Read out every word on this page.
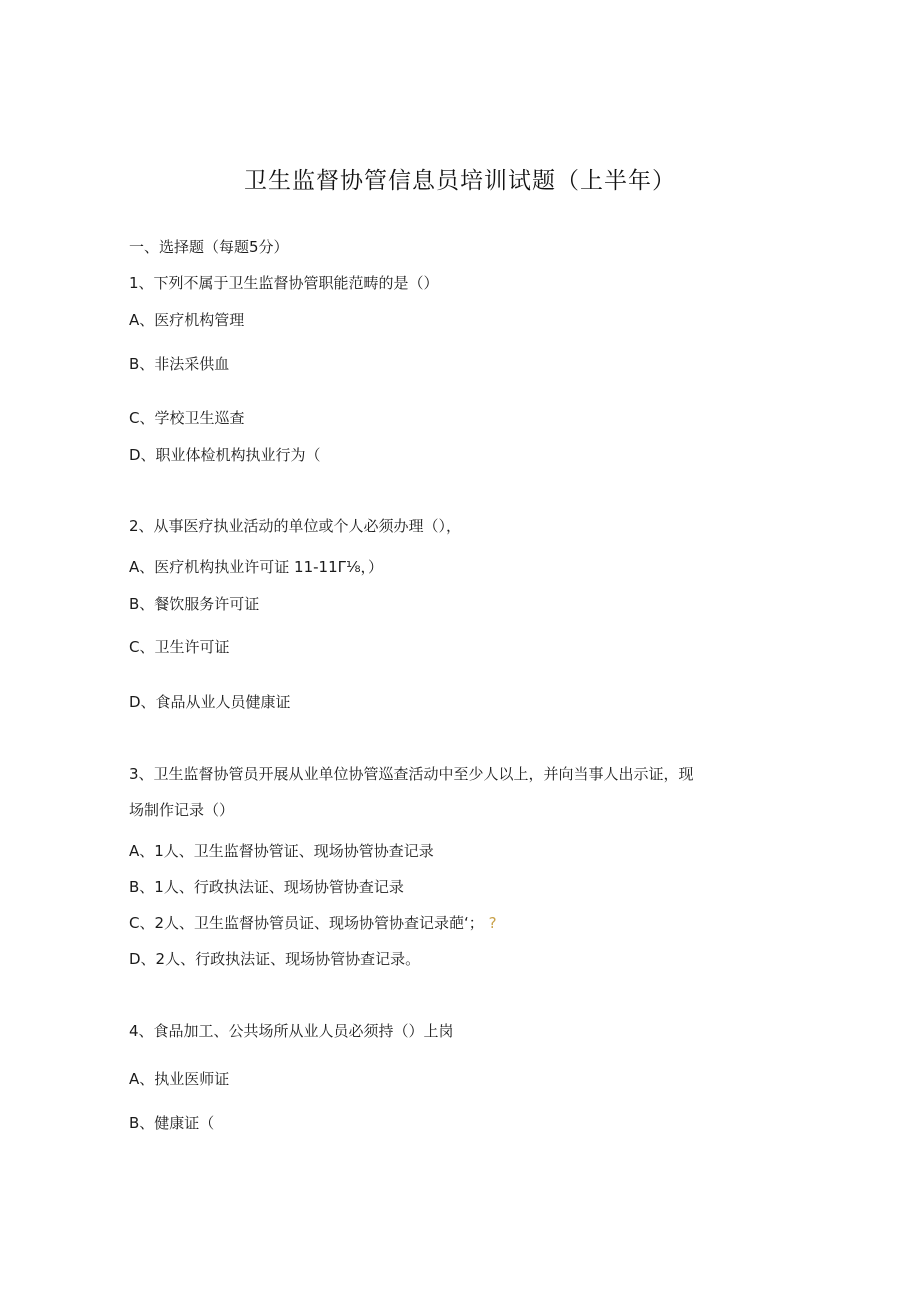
卫生监督协管信息员培训试题（上半年）
一、选择题（每题5分）
1、下列不属于卫生监督协管职能范畴的是（）
A、医疗机构管理
B、非法采供血
C、学校卫生巡查
D、职业体检机构执业行为（
2、从事医疗执业活动的单位或个人必须办理（），
A、医疗机构执业许可证 11-11Γ⅛，）
B、餐饮服务许可证
C、卫生许可证
D、食品从业人员健康证
3、卫生监督协管员开展从业单位协管巡查活动中至少人以上，并向当事人出示证，现
场制作记录（）
A、1人、卫生监督协管证、现场协管协查记录
B、1人、行政执法证、现场协管协查记录
C、2人、卫生监督协管员证、现场协管协查记录葩‘； ?
D、2人、行政执法证、现场协管协查记录。
4、食品加工、公共场所从业人员必须持（）上岗
A、执业医师证
B、健康证（
